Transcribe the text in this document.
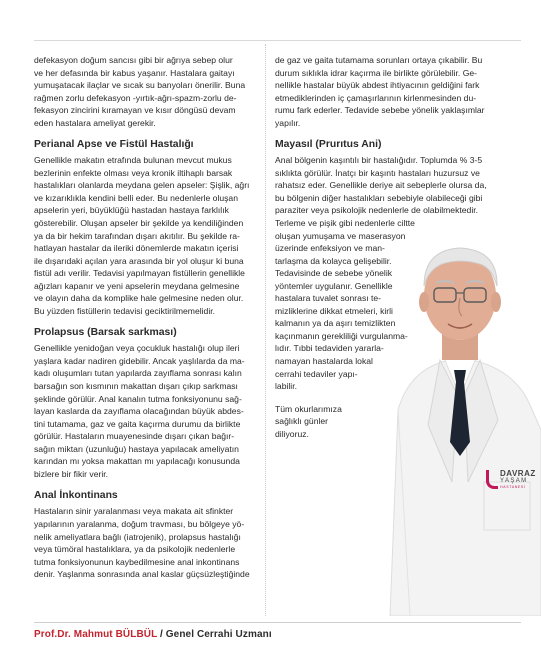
defekasyon doğum sancısı gibi bir ağrıya sebep olur

ve her defasında bir kabus yaşanır. Hastalara gaitayı

yumuşatacak ilaçlar ve sıcak su banyoları önerilir. Buna

rağmen zorlu defekasyon -yırtık-ağrı-spazm-zorlu de-

fekasyon zincirini kıramayan ve kısır döngüsü devam

eden hastalara ameliyat gerekir.

Perianal Apse ve Fistül Hastalığı

Genellikle makatın etrafında bulunan mevcut mukus

bezlerinin enfekte olması veya kronik iltihaplı barsak

hastalıkları olanlarda meydana gelen apseler: Şişlik, ağrı

ve kızarıklıkla kendini belli eder. Bu nedenlerle oluşan

apselerin yeri, büyüklüğü hastadan hastaya farklılık

gösterebilir. Oluşan apseler bir şekilde ya kendiliğinden

ya da bir hekim tarafından dışarı akıtılır. Bu şekilde ra-

hatlayan hastalar da ileriki dönemlerde makatın içerisi

ile dışarıdaki açılan yara arasında bir yol oluşur ki buna

fistül adı verilir. Tedavisi yapılmayan fistüllerin genellikle

ağızları kapanır ve yeni apselerin meydana gelmesine

ve olayın daha da komplike hale gelmesine neden olur.

Bu yüzden fistüllerin tedavisi geciktirilmemelidir.

Prolapsus (Barsak sarkması)

Genellikle yenidoğan veya çocukluk hastalığı olup ileri

yaşlara kadar nadiren gidebilir. Ancak yaşlılarda da ma-

kadı oluşumları tutan yapılarda zayıflama sonrası kalın

barsağın son kısmının makattan dışarı çıkıp sarkması

şeklinde görülür. Anal kanalın tutma fonksiyonunu sağ-

layan kaslarda da zayıflama olacağından büyük abdes-

tini tutamama, gaz ve gaita kaçırma durumu da birlikte

görülür. Hastaların muayenesinde dışarı çıkan bağır-

sağın miktarı (uzunluğu) hastaya yapılacak ameliyatın

karından mı yoksa makattan mı yapılacağı konusunda

bizlere bir fikir verir.

Anal İnkontinans

Hastaların sinir yaralanması veya makata ait sfinkter

yapılarının yaralanma, doğum travması, bu bölgeye yö-

nelik ameliyatlara bağlı (iatrojenik), prolapsus hastalığı

veya tümöral hastalıklara, ya da psikolojik nedenlerle

tutma fonksiyonunun kaybedilmesine anal inkontinans

denir. Yaşlanma sonrasında anal kaslar güçsüzleştiğinde

DAVRAZ
YAŞAM
HASTANESİ

de gaz ve gaita tutamama sorunları ortaya çıkabilir. Bu

durum sıklıkla idrar kaçırma ile birlikte görülebilir. Ge-

nellikle hastalar büyük abdest ihtiyacının geldiğini fark

etmediklerinden iç çamaşırlarının kirlenmesinden du-

rumu fark ederler. Tedavide sebebe yönelik yaklaşımlar

yapılır.

Mayasıl (Prurıtus Ani)

Anal bölgenin kaşıntılı bir hastalığıdır. Toplumda % 3-5

sıklıkta görülür. İnatçı bir kaşıntı hastaları huzursuz ve

rahatsız eder. Genellikle deriye ait sebeplerle olursa da,

bu bölgenin diğer hastalıkları sebebiyle olabileceği gibi

paraziter veya psikolojik nedenlerle de olabilmektedir.

Terleme ve pişik gibi nedenlerle ciltte

oluşan yumuşama ve maserasyon

üzerinde enfeksiyon ve man-

tarlaşma da kolayca gelişebilir.

Tedavisinde de sebebe yönelik

yöntemler uygulanır. Genellikle

hastalara tuvalet sonrası te-

mizliklerine dikkat etmeleri, kirli

kalmanın ya da aşırı temizlikten

kaçınmanın gerekliliği vurgulanma-

lıdır. Tıbbi tedaviden yararla-

namayan hastalarda lokal

cerrahi tedaviler yapı-

labilir.

Tüm okurlarımıza

sağlıklı günler

diliyoruz.

Prof.Dr. Mahmut BÜLBÜL / Genel Cerrahi Uzmanı
